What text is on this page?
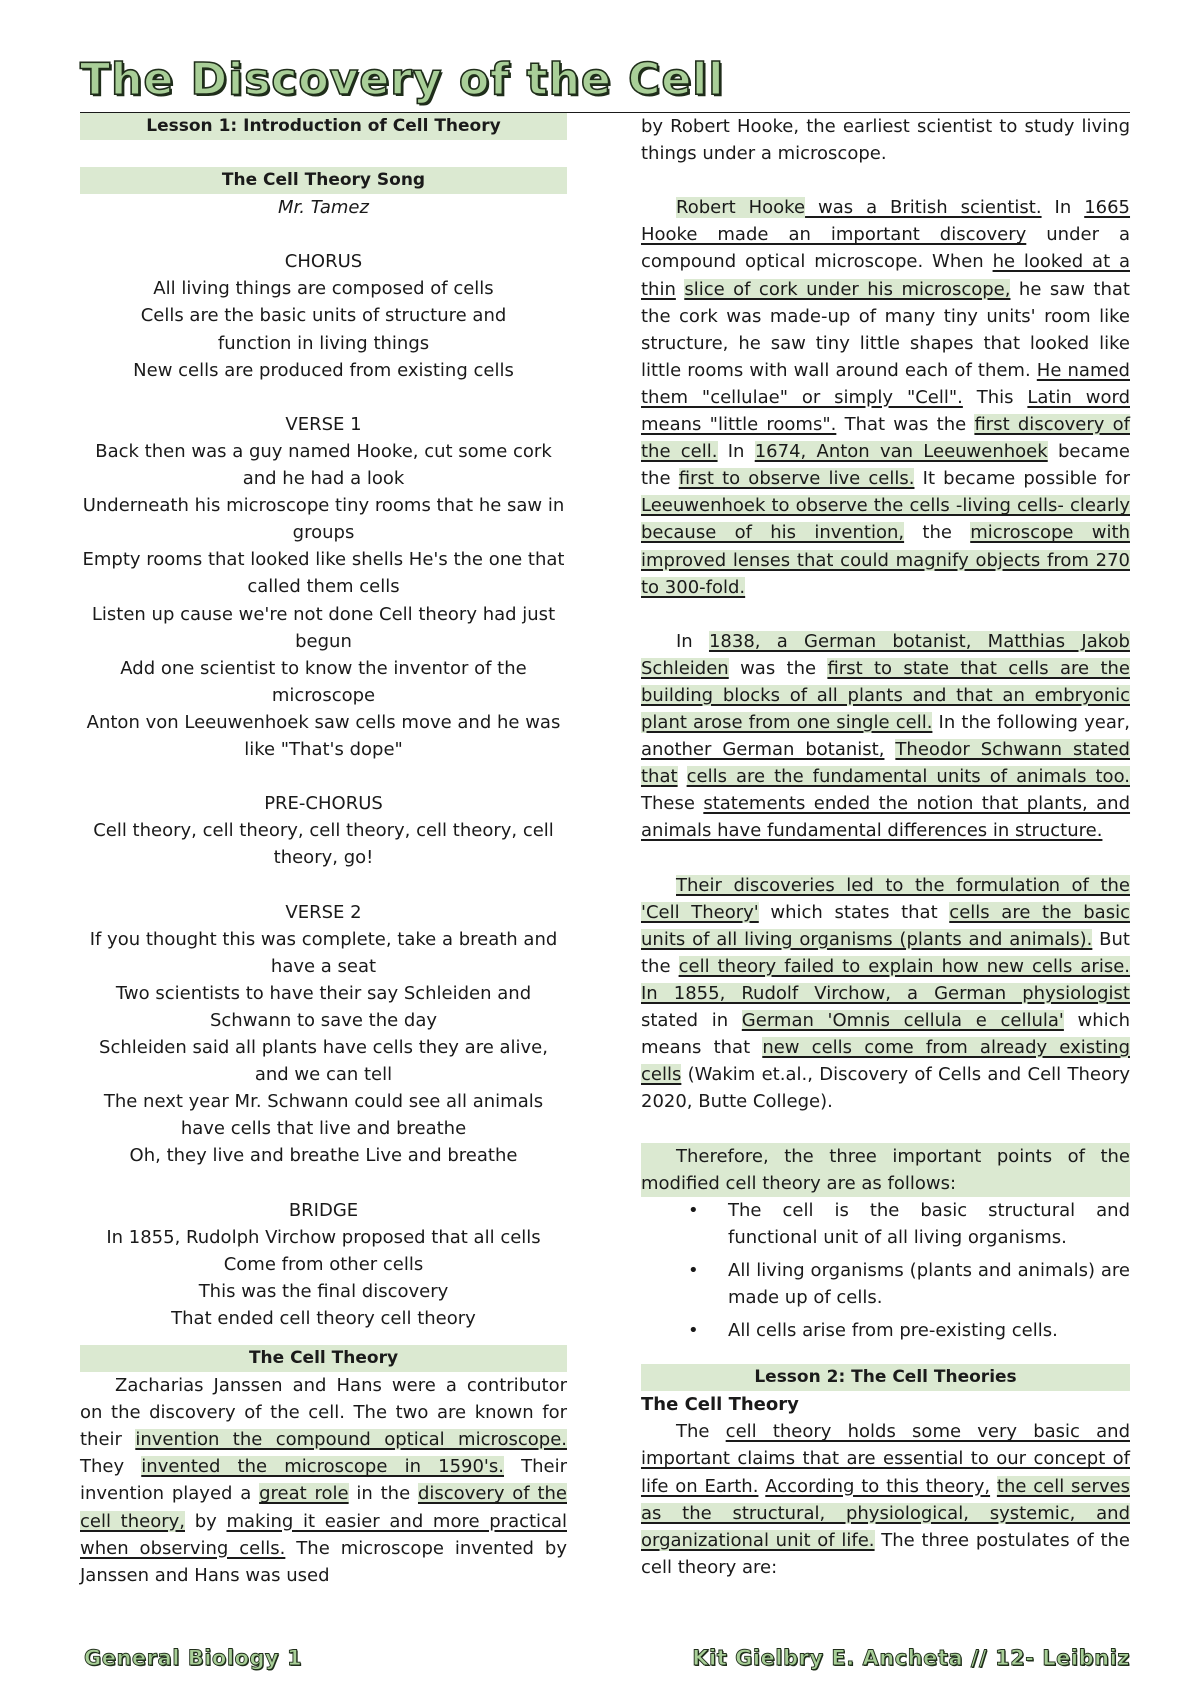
The Discovery of the Cell
Lesson 1: Introduction of Cell Theory
The Cell Theory Song

Mr. Tamez

CHORUS
All living things are composed of cells
Cells are the basic units of structure and
function in living things
New cells are produced from existing cells

VERSE 1
Back then was a guy named Hooke, cut some cork and he had a look
Underneath his microscope tiny rooms that he saw in groups
Empty rooms that looked like shells He's the one that called them cells
Listen up cause we're not done Cell theory had just begun
Add one scientist to know the inventor of the microscope
Anton von Leeuwenhoek saw cells move and he was like "That's dope"

PRE-CHORUS
Cell theory, cell theory, cell theory, cell theory, cell theory, go!

VERSE 2
If you thought this was complete, take a breath and have a seat
Two scientists to have their say Schleiden and Schwann to save the day
Schleiden said all plants have cells they are alive, and we can tell
The next year Mr. Schwann could see all animals have cells that live and breathe
Oh, they live and breathe Live and breathe

BRIDGE
In 1855, Rudolph Virchow proposed that all cells
Come from other cells
This was the final discovery
That ended cell theory cell theory

The Cell Theory

Zacharias Janssen and Hans were a contributor on the discovery of the cell. The two are known for their invention the compound optical microscope. They invented the microscope in 1590's. Their invention played a great role in the discovery of the cell theory, by making it easier and more practical when observing cells. The microscope invented by Janssen and Hans was used

by Robert Hooke, the earliest scientist to study living things under a microscope.

Robert Hooke was a British scientist. In 1665 Hooke made an important discovery under a compound optical microscope. When he looked at a thin slice of cork under his microscope, he saw that the cork was made-up of many tiny units' room like structure, he saw tiny little shapes that looked like little rooms with wall around each of them. He named them "cellulae" or simply "Cell". This Latin word means "little rooms". That was the first discovery of the cell. In 1674, Anton van Leeuwenhoek became the first to observe live cells. It became possible for Leeuwenhoek to observe the cells -living cells- clearly because of his invention, the microscope with improved lenses that could magnify objects from 270 to 300-fold.

In 1838, a German botanist, Matthias Jakob Schleiden was the first to state that cells are the building blocks of all plants and that an embryonic plant arose from one single cell. In the following year, another German botanist, Theodor Schwann stated that cells are the fundamental units of animals too. These statements ended the notion that plants, and animals have fundamental differences in structure.

Their discoveries led to the formulation of the 'Cell Theory' which states that cells are the basic units of all living organisms (plants and animals). But the cell theory failed to explain how new cells arise. In 1855, Rudolf Virchow, a German physiologist stated in German 'Omnis cellula e cellula' which means that new cells come from already existing cells (Wakim et.al., Discovery of Cells and Cell Theory 2020, Butte College).

Therefore, the three important points of the modified cell theory are as follows:

• The cell is the basic structural and functional unit of all living organisms.
• All living organisms (plants and animals) are made up of cells.
• All cells arise from pre-existing cells.
Lesson 2: The Cell Theories

The Cell Theory

The cell theory holds some very basic and important claims that are essential to our concept of life on Earth. According to this theory, the cell serves as the structural, physiological, systemic, and organizational unit of life. The three postulates of the cell theory are:

General Biology 1	Kit Gielbry E. Ancheta // 12- Leibniz
